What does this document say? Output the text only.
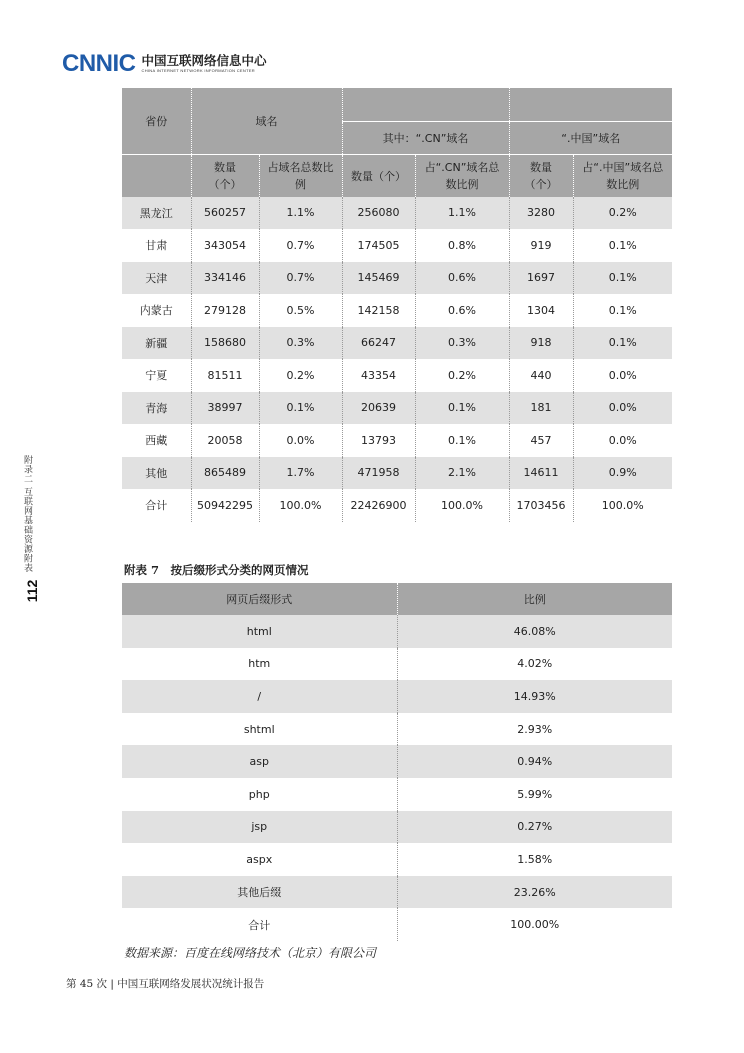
CNNIC 中国互联网络信息中心
CHINA INTERNET NETWORK INFORMATION CENTER
附录二 互联网基础资源附表
112
省份	域名					
			其中：“.CN”域名		“.中国”域名	
	数量（个）	占域名总数比例	数量（个）	占“.CN”域名总数比例	数量（个）	占“.中国”域名总数比例
黑龙江	560257	1.1%	256080	1.1%	3280	0.2%
甘肃	343054	0.7%	174505	0.8%	919	0.1%
天津	334146	0.7%	145469	0.6%	1697	0.1%
内蒙古	279128	0.5%	142158	0.6%	1304	0.1%
新疆	158680	0.3%	66247	0.3%	918	0.1%
宁夏	81511	0.2%	43354	0.2%	440	0.0%
青海	38997	0.1%	20639	0.1%	181	0.0%
西藏	20058	0.0%	13793	0.1%	457	0.0%
其他	865489	1.7%	471958	2.1%	14611	0.9%
合计	50942295	100.0%	22426900	100.0%	1703456	100.0%
附表 7　按后缀形式分类的网页情况
网页后缀形式	比例
html	46.08%
htm	4.02%
/	14.93%
shtml	2.93%
asp	0.94%
php	5.99%
jsp	0.27%
aspx	1.58%
其他后缀	23.26%
合计	100.00%
数据来源：百度在线网络技术（北京）有限公司
第 45 次 | 中国互联网络发展状况统计报告
